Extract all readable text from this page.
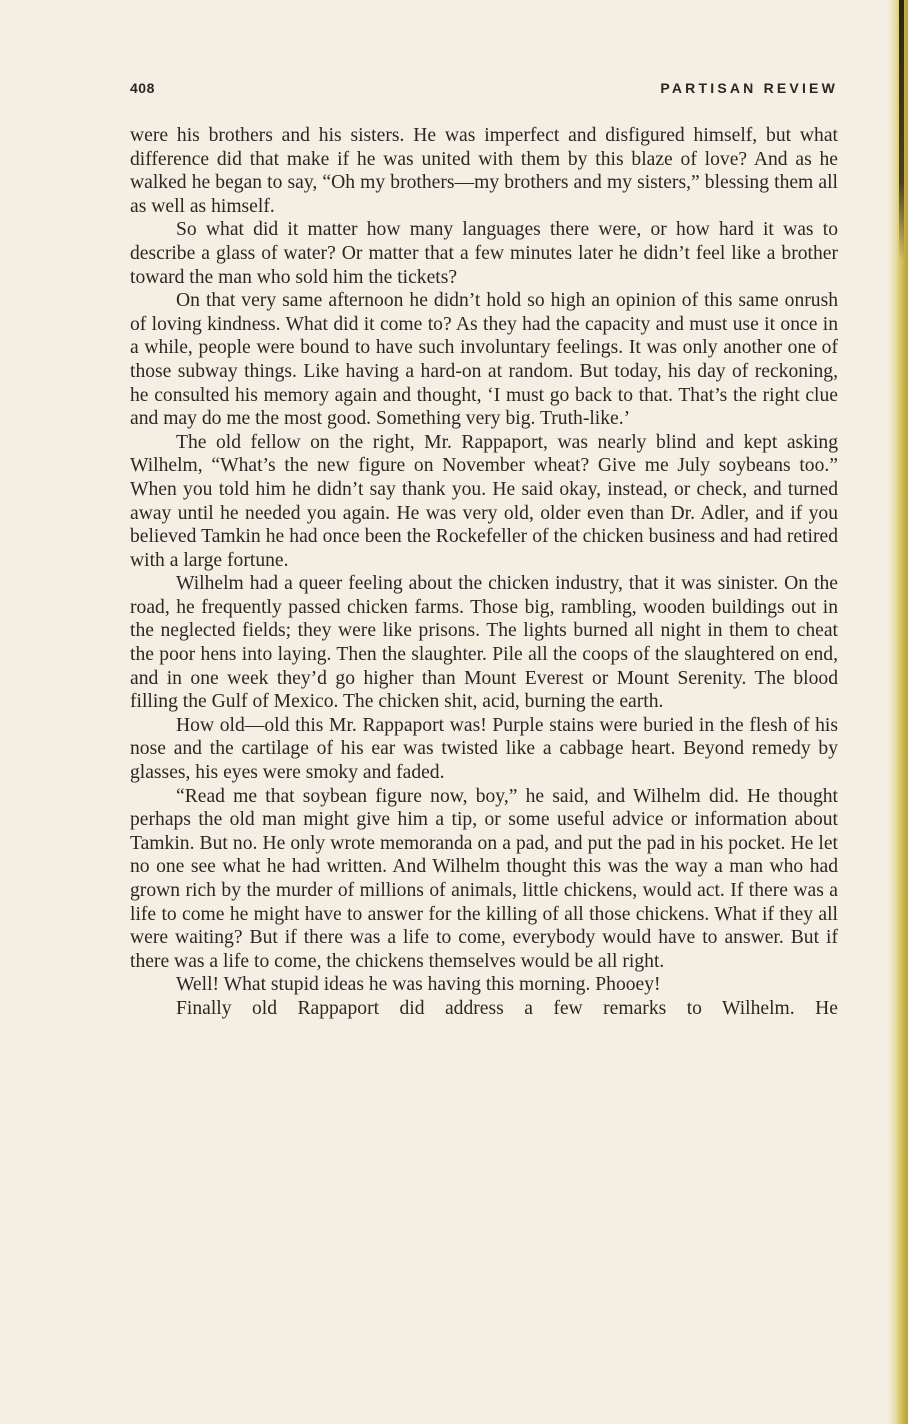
408	PARTISAN REVIEW

were his brothers and his sisters. He was imperfect and disfigured himself, but what difference did that make if he was united with them by this blaze of love? And as he walked he began to say, “Oh my brothers—my brothers and my sisters,” blessing them all as well as himself.

So what did it matter how many languages there were, or how hard it was to describe a glass of water? Or matter that a few minutes later he didn’t feel like a brother toward the man who sold him the tickets?

On that very same afternoon he didn’t hold so high an opinion of this same onrush of loving kindness. What did it come to? As they had the capacity and must use it once in a while, people were bound to have such involuntary feelings. It was only another one of those subway things. Like having a hard-on at random. But today, his day of reckoning, he consulted his memory again and thought, ‘I must go back to that. That’s the right clue and may do me the most good. Something very big. Truth-like.’

The old fellow on the right, Mr. Rappaport, was nearly blind and kept asking Wilhelm, “What’s the new figure on November wheat? Give me July soybeans too.” When you told him he didn’t say thank you. He said okay, instead, or check, and turned away until he needed you again. He was very old, older even than Dr. Adler, and if you believed Tamkin he had once been the Rockefeller of the chicken business and had retired with a large fortune.

Wilhelm had a queer feeling about the chicken industry, that it was sinister. On the road, he frequently passed chicken farms. Those big, rambling, wooden buildings out in the neglected fields; they were like prisons. The lights burned all night in them to cheat the poor hens into laying. Then the slaughter. Pile all the coops of the slaughtered on end, and in one week they’d go higher than Mount Everest or Mount Serenity. The blood filling the Gulf of Mexico. The chicken shit, acid, burning the earth.

How old—old this Mr. Rappaport was! Purple stains were buried in the flesh of his nose and the cartilage of his ear was twisted like a cabbage heart. Beyond remedy by glasses, his eyes were smoky and faded.

“Read me that soybean figure now, boy,” he said, and Wilhelm did. He thought perhaps the old man might give him a tip, or some useful advice or information about Tamkin. But no. He only wrote memoranda on a pad, and put the pad in his pocket. He let no one see what he had written. And Wilhelm thought this was the way a man who had grown rich by the murder of millions of animals, little chickens, would act. If there was a life to come he might have to answer for the killing of all those chickens. What if they all were waiting? But if there was a life to come, everybody would have to answer. But if there was a life to come, the chickens themselves would be all right.

Well! What stupid ideas he was having this morning. Phooey!

Finally old Rappaport did address a few remarks to Wilhelm. He
